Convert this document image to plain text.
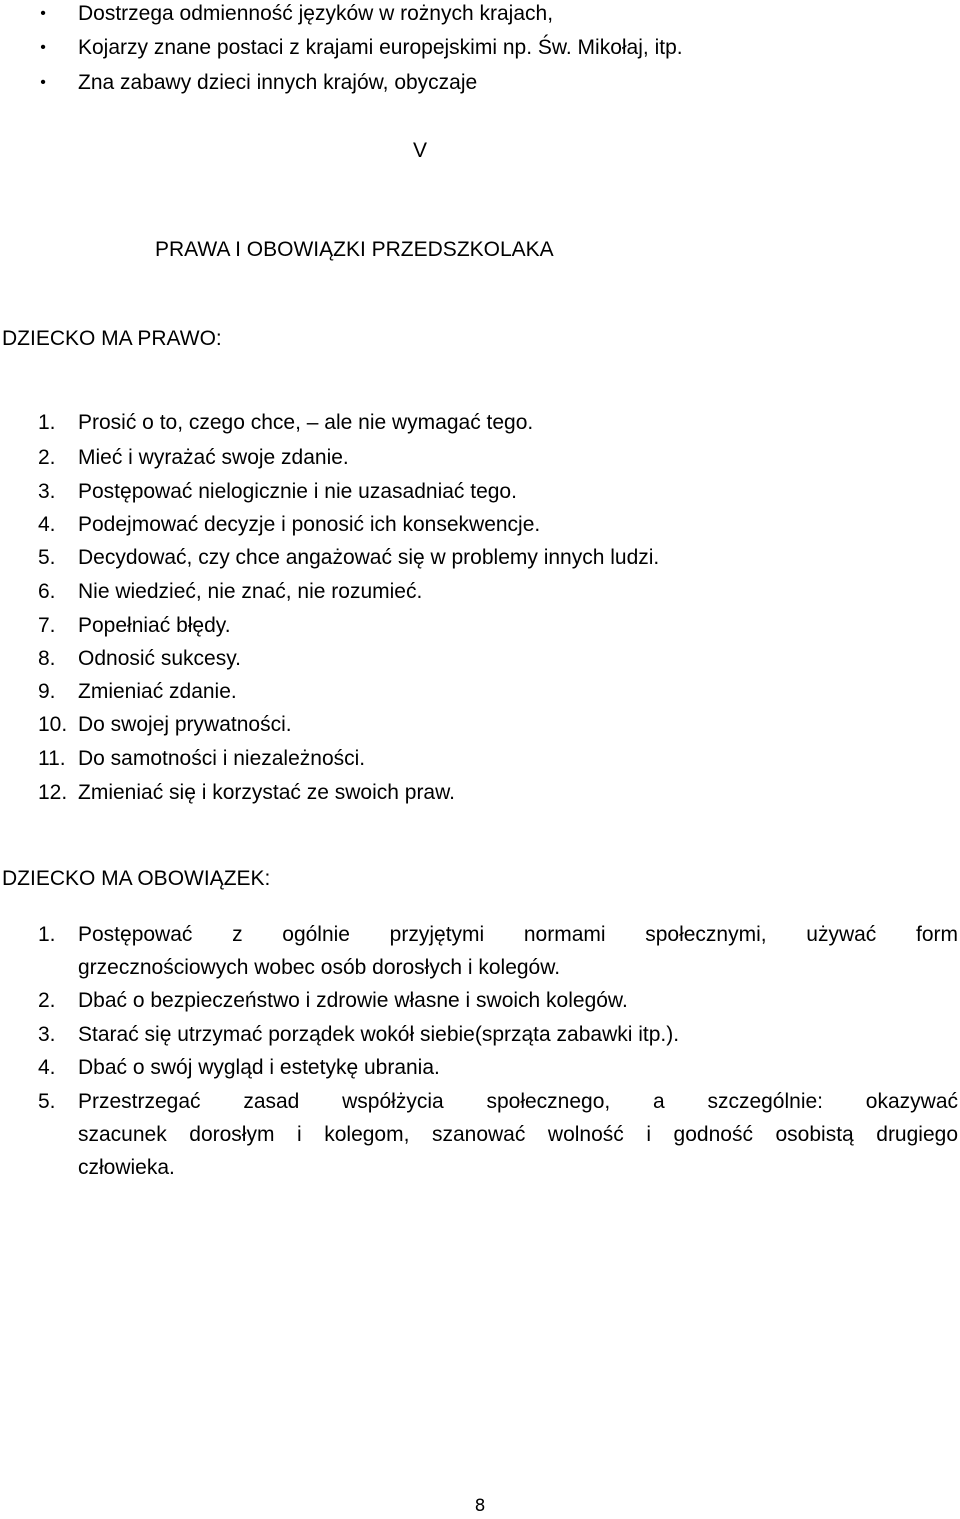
• Dostrzega odmienność języków w rożnych krajach,
• Kojarzy znane postaci z krajami europejskimi np. Św. Mikołaj, itp.
• Zna zabawy dzieci innych krajów, obyczaje
V
PRAWA I OBOWIĄZKI PRZEDSZKOLAKA
DZIECKO MA PRAWO:
1. Prosić o to, czego chce, – ale nie wymagać tego.
2. Mieć i wyrażać swoje zdanie.
3. Postępować nielogicznie i nie uzasadniać tego.
4. Podejmować decyzje i ponosić ich konsekwencje.
5. Decydować, czy chce angażować się w problemy innych ludzi.
6. Nie wiedzieć, nie znać, nie rozumieć.
7. Popełniać błędy.
8. Odnosić sukcesy.
9. Zmieniać zdanie.
10. Do swojej prywatności.
11. Do samotności i niezależności.
12. Zmieniać się i korzystać ze swoich praw.
DZIECKO MA OBOWIĄZEK:
1. Postępować z ogólnie przyjętymi normami społecznymi, używać form
grzecznościowych wobec osób dorosłych i kolegów.
2. Dbać o bezpieczeństwo i zdrowie własne i swoich kolegów.
3. Starać się utrzymać porządek wokół siebie(sprząta zabawki itp.).
4. Dbać o swój wygląd i estetykę ubrania.
5. Przestrzegać zasad współżycia społecznego, a szczególnie: okazywać
szacunek dorosłym i kolegom, szanować wolność i godność osobistą drugiego
człowieka.
8
